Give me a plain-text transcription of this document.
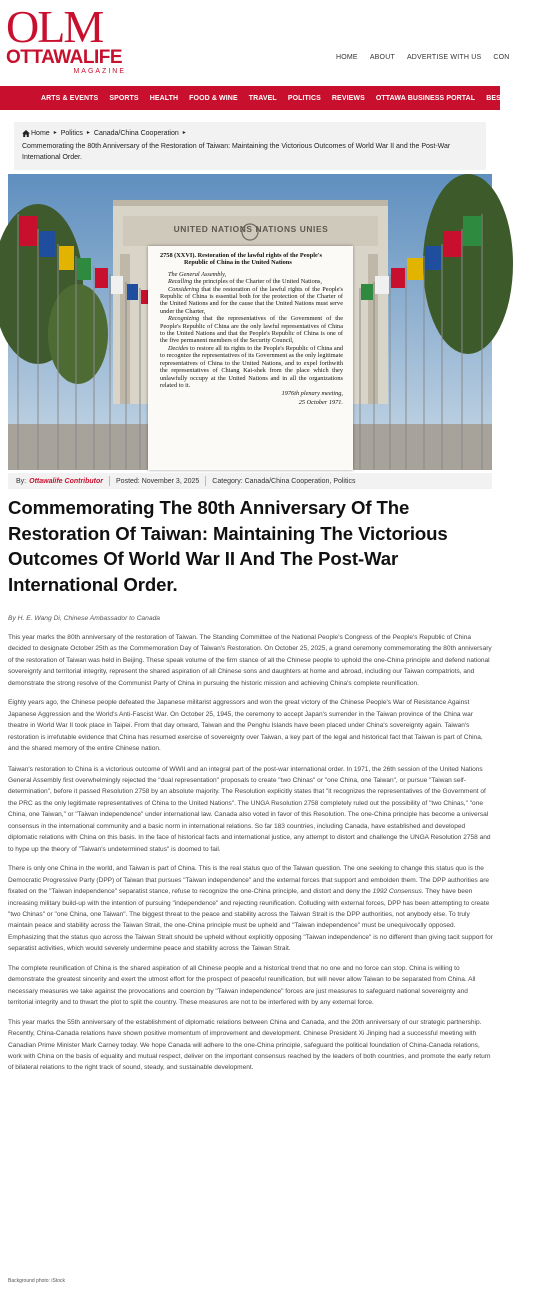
OLM
OTTAWALIFE
MAGAZINE
HOME ABOUT ADVERTISE WITH US CON
ARTS & EVENTS SPORTS HEALTH FOOD & WINE TRAVEL POLITICS REVIEWS OTTAWA BUSINESS PORTAL BEST PICKS
Home ▸ Politics ▸ Canada/China Cooperation ▸
Commemorating the 80th Anniversary of the Restoration of Taiwan: Maintaining the Victorious Outcomes of World War II and the Post-War International Order.
UNITED NATIONS NATIONS UNIES
2758 (XXVI). Restoration of the lawful rights of the People's Republic of China in the United Nations
The General Assembly,
Recalling the principles of the Charter of the United Nations,
Considering that the restoration of the lawful rights of the People's Republic of China is essential both for the protection of the Charter of the United Nations and for the cause that the United Nations must serve under the Charter,
Recognizing that the representatives of the Government of the People's Republic of China are the only lawful representatives of China to the United Nations and that the People's Republic of China is one of the five permanent members of the Security Council,
Decides to restore all its rights to the People's Republic of China and to recognize the representatives of its Government as the only legitimate representatives of China to the United Nations, and to expel forthwith the representatives of Chiang Kai-shek from the place which they unlawfully occupy at the United Nations and in all the organizations related to it.
1976th plenary meeting,
25 October 1971.
By: Ottawalife Contributor Posted: November 3, 2025 Category: Canada/China Cooperation, Politics
Commemorating The 80th Anniversary Of The Restoration Of Taiwan: Maintaining The Victorious Outcomes Of World War II And The Post-War International Order.
By H. E. Wang Di, Chinese Ambassador to Canada

This year marks the 80th anniversary of the restoration of Taiwan. The Standing Committee of the National People's Congress of the People's Republic of China decided to designate October 25th as the Commemoration Day of Taiwan's Restoration. On October 25, 2025, a grand ceremony commemorating the 80th anniversary of the restoration of Taiwan was held in Beijing. These speak volume of the firm stance of all the Chinese people to uphold the one-China principle and defend national sovereignty and territorial integrity, represent the shared aspiration of all Chinese sons and daughters at home and abroad, including our Taiwan compatriots, and demonstrate the strong resolve of the Communist Party of China in pursuing the historic mission and achieving China's complete reunification.

Eighty years ago, the Chinese people defeated the Japanese militarist aggressors and won the great victory of the Chinese People's War of Resistance Against Japanese Aggression and the World's Anti-Fascist War. On October 25, 1945, the ceremony to accept Japan's surrender in the Taiwan province of the China war theatre in World War II took place in Taipei. From that day onward, Taiwan and the Penghu Islands have been placed under China's sovereignty again. Taiwan's restoration is irrefutable evidence that China has resumed exercise of sovereignty over Taiwan, a key part of the legal and historical fact that Taiwan is part of China, and the shared memory of the entire Chinese nation.

Taiwan's restoration to China is a victorious outcome of WWII and an integral part of the post-war international order. In 1971, the 26th session of the United Nations General Assembly first overwhelmingly rejected the "dual representation" proposals to create "two Chinas" or "one China, one Taiwan", or pursue "Taiwan self-determination", before it passed Resolution 2758 by an absolute majority. The Resolution explicitly states that "it recognizes the representatives of the Government of the PRC as the only legitimate representatives of China to the United Nations". The UNGA Resolution 2758 completely ruled out the possibility of "two Chinas," "one China, one Taiwan," or "Taiwan independence" under international law. Canada also voted in favor of this Resolution. The one-China principle has become a universal consensus in the international community and a basic norm in international relations. So far 183 countries, including Canada, have established and developed diplomatic relations with China on this basis. In the face of historical facts and international justice, any attempt to distort and challenge the UNGA Resolution 2758 and to hype up the theory of "Taiwan's undetermined status" is doomed to fail.

There is only one China in the world, and Taiwan is part of China. This is the real status quo of the Taiwan question. The one seeking to change this status quo is the Democratic Progressive Party (DPP) of Taiwan that pursues "Taiwan independence" and the external forces that support and embolden them. The DPP authorities are fixated on the "Taiwan independence" separatist stance, refuse to recognize the one-China principle, and distort and deny the 1992 Consensus. They have been increasing military build-up with the intention of pursuing "independence" and rejecting reunification. Colluding with external forces, DPP has been attempting to create "two Chinas" or "one China, one Taiwan". The biggest threat to the peace and stability across the Taiwan Strait is the DPP authorities, not anybody else. To truly maintain peace and stability across the Taiwan Strait, the one-China principle must be upheld and "Taiwan independence" must be unequivocally opposed. Emphasizing that the status quo across the Taiwan Strait should be upheld without explicitly opposing "Taiwan independence" is no different than giving tacit support for separatist activities, which would severely undermine peace and stability across the Taiwan Strait.

The complete reunification of China is the shared aspiration of all Chinese people and a historical trend that no one and no force can stop. China is willing to demonstrate the greatest sincerity and exert the utmost effort for the prospect of peaceful reunification, but will never allow Taiwan to be separated from China. All necessary measures we take against the provocations and coercion by "Taiwan independence" forces are just measures to safeguard national sovereignty and territorial integrity and to thwart the plot to split the country. These measures are not to be interfered with by any external force.

This year marks the 55th anniversary of the establishment of diplomatic relations between China and Canada, and the 20th anniversary of our strategic partnership. Recently, China-Canada relations have shown positive momentum of improvement and development. Chinese President Xi Jinping had a successful meeting with Canadian Prime Minister Mark Carney today. We hope Canada will adhere to the one-China principle, safeguard the political foundation of China-Canada relations, work with China on the basis of equality and mutual respect, deliver on the important consensus reached by the leaders of both countries, and promote the early return of bilateral relations to the right track of sound, steady, and sustainable development.

Background photo: iStock
